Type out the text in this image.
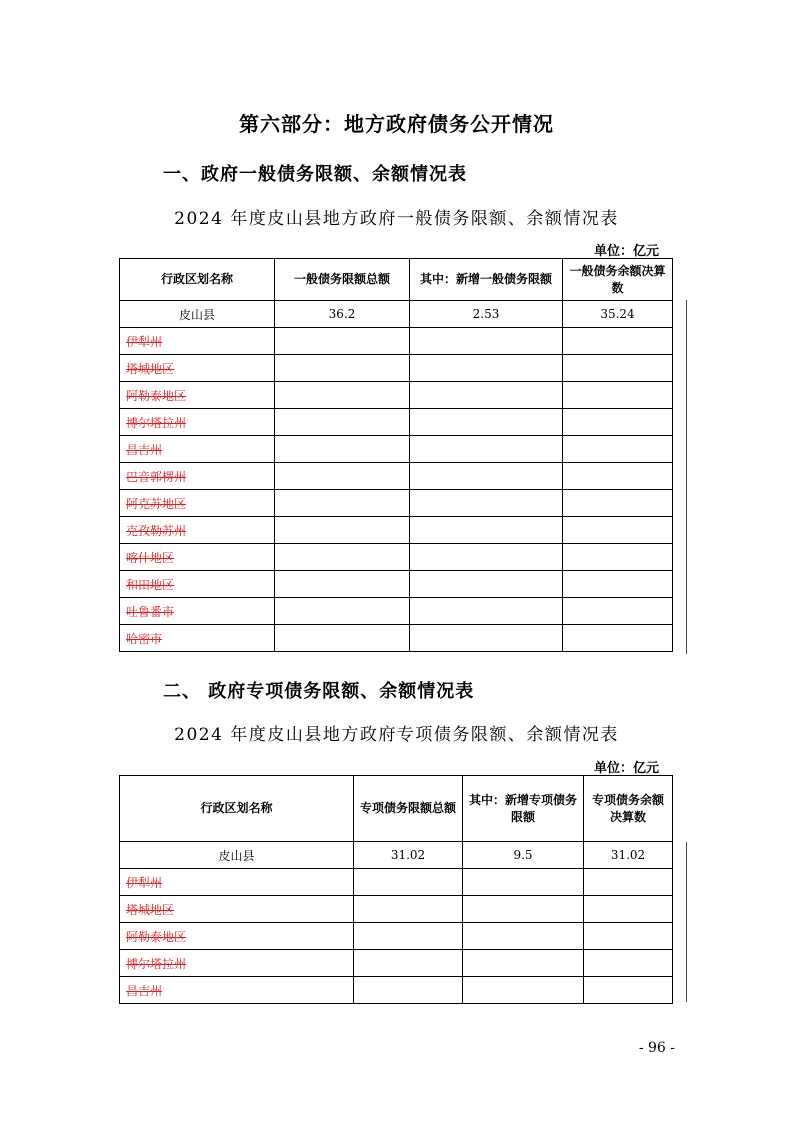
第六部分：地方政府债务公开情况
一、政府一般债务限额、余额情况表
2024 年度皮山县地方政府一般债务限额、余额情况表
单位：亿元
行政区划名称	一般债务限额总额	其中：新增一般债务限额	一般债务余额决算数
皮山县	36.2	2.53	35.24
伊犁州			
塔城地区			
阿勒泰地区			
博尔塔拉州			
昌吉州			
巴音郭楞州			
阿克苏地区			
克孜勒苏州			
喀什地区			
和田地区			
吐鲁番市			
哈密市			
二、 政府专项债务限额、余额情况表
2024 年度皮山县地方政府专项债务限额、余额情况表
单位：亿元
行政区划名称	专项债务限额总额	其中：新增专项债务限额	专项债务余额决算数
皮山县	31.02	9.5	31.02
伊犁州			
塔城地区			
阿勒泰地区			
博尔塔拉州			
昌吉州			
- 96 -
